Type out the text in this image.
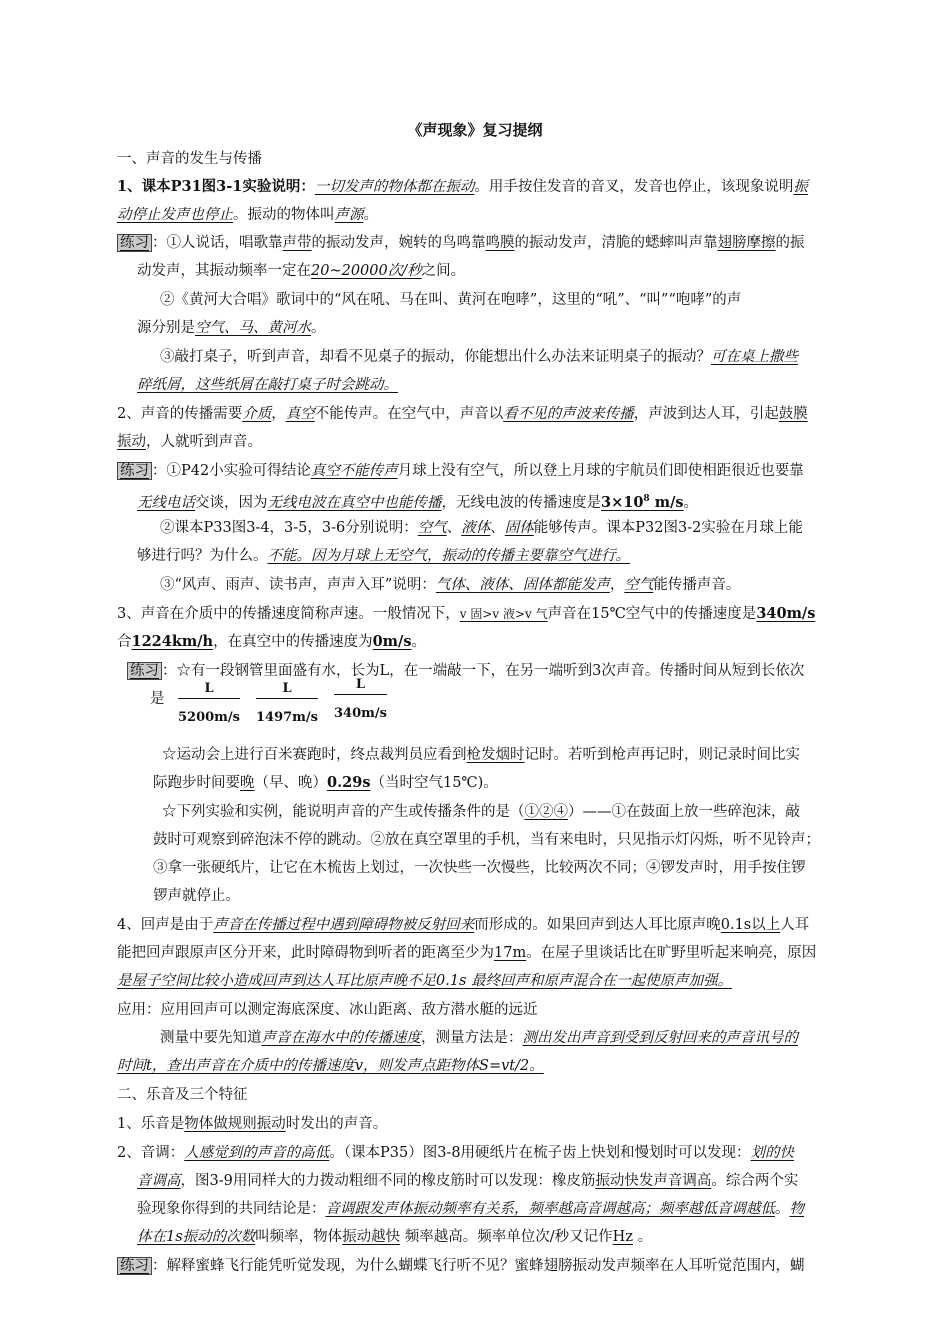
《声现象》复习提纲
一、声音的发生与传播
1、课本P31图3-1实验说明：一切发声的物体都在振动。用手按住发音的音叉，发音也停止，该现象说明振
动停止发声也停止。振动的物体叫声源。
练习 ：①人说话，唱歌靠声带的振动发声，婉转的鸟鸣靠鸣膜的振动发声，清脆的蟋蟀叫声靠翅膀摩擦的振
动发声，其振动频率一定在20~20000次/秒之间。
②《黄河大合唱》歌词中的“风在吼、马在叫、黄河在咆哮”，这里的“吼”、“叫”“咆哮”的声
源分别是空气、马、黄河水。
③敲打桌子，听到声音，却看不见桌子的振动，你能想出什么办法来证明桌子的振动？可在桌上撒些
碎纸屑，这些纸屑在敲打桌子时会跳动。
2、声音的传播需要介质，真空不能传声。在空气中，声音以看不见的声波来传播，声波到达人耳，引起鼓膜
振动，人就听到声音。
练习 ：①P42小实验可得结论真空不能传声月球上没有空气，所以登上月球的宇航员们即使相距很近也要靠
无线电话交谈，因为无线电波在真空中也能传播，无线电波的传播速度是$3\times 10^8$ m/s。
②课本P33图3-4，3-5，3-6分别说明：空气、液体、固体能够传声。课本P32图3-2实验在月球上能
够进行吗？为什么。不能。因为月球上无空气，振动的传播主要靠空气进行。
③“风声、雨声、读书声，声声入耳”说明：气体、液体、固体都能发声，空气能传播声音。
3、声音在介质中的传播速度简称声速。一般情况下，v 固>v 液>v 气声音在15℃空气中的传播速度是340m/s
合1224km/h，在真空中的传播速度为0m/s。
练习 ：☆有一段钢管里面盛有水，长为L，在一端敲一下，在另一端听到3次声音。传播时间从短到长依次
是	$\frac{L}{5200m/s} \frac{L}{1497m/s} \frac{L}{340m/s}$
☆运动会上进行百米赛跑时，终点裁判员应看到枪发烟时记时。若听到枪声再记时，则记录时间比实
际跑步时间要晚（早、晚）0.29s（当时空气15℃)。
☆下列实验和实例，能说明声音的产生或传播条件的是（①②④）——①在鼓面上放一些碎泡沫，敲
鼓时可观察到碎泡沫不停的跳动。②放在真空罩里的手机，当有来电时，只见指示灯闪烁，听不见铃声；
③拿一张硬纸片，让它在木梳齿上划过，一次快些一次慢些，比较两次不同；④锣发声时，用手按住锣
锣声就停止。
4、回声是由于声音在传播过程中遇到障碍物被反射回来而形成的。如果回声到达人耳比原声晚0.1s以上人耳
能把回声跟原声区分开来，此时障碍物到听者的距离至少为17m。在屋子里谈话比在旷野里听起来响亮，原因
是屋子空间比较小造成回声到达人耳比原声晚不足0.1s 最终回声和原声混合在一起使原声加强。
应用：应用回声可以测定海底深度、冰山距离、敌方潜水艇的远近
测量中要先知道声音在海水中的传播速度，测量方法是：测出发出声音到受到反射回来的声音讯号的
时间t，查出声音在介质中的传播速度v，则发声点距物体S=vt/2。
二、乐音及三个特征
1、乐音是物体做规则振动时发出的声音。
2、音调：人感觉到的声音的高低。（课本P35）图3-8用硬纸片在梳子齿上快划和慢划时可以发现：划的快
音调高，图3-9用同样大的力拨动粗细不同的橡皮筋时可以发现：橡皮筋振动快发声音调高。综合两个实
验现象你得到的共同结论是：音调跟发声体振动频率有关系，频率越高音调越高；频率越低音调越低。物
体在1s振动的次数叫频率，物体振动越快 频率越高。频率单位次/秒又记作Hz 。
练习 ：解释蜜蜂飞行能凭听觉发现，为什么蝴蝶飞行听不见？蜜蜂翅膀振动发声频率在人耳听觉范围内，蝴
